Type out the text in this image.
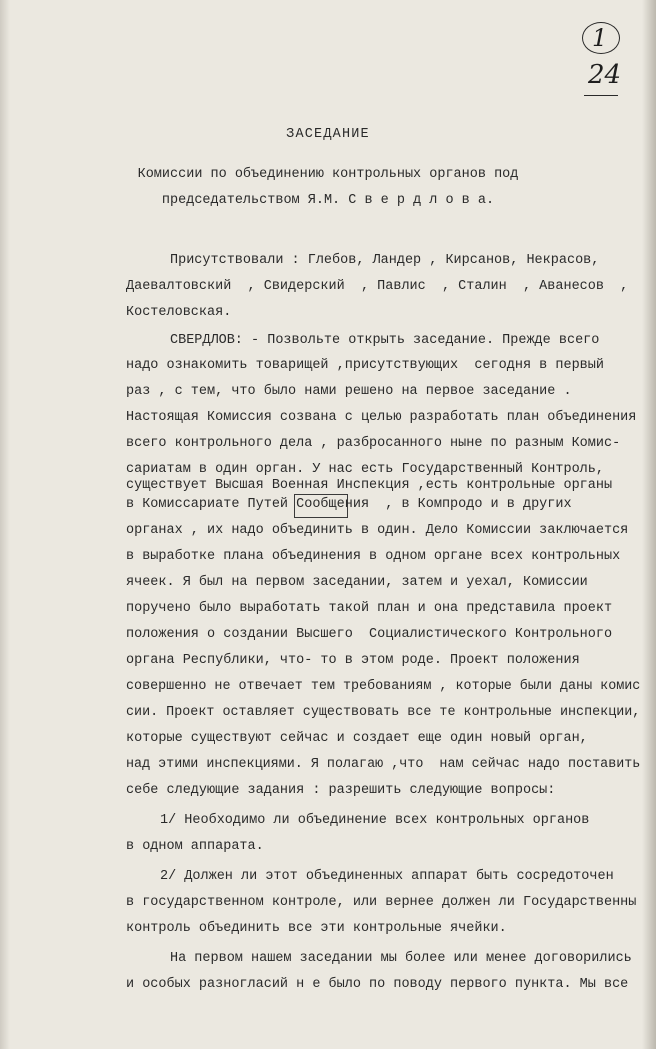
1
24
ЗАСЕДАНИЕ
Комиссии по объединению контрольных органов под
председательством Я.М. С в е р д л о в а.
Присутствовали : Глебов, Ландер , Кирсанов, Некрасов,
Даевалтовский  , Свидерский  , Павлис  , Сталин  , Аванесов  ,
Костеловская.
СВЕРДЛОВ: - Позвольте открыть заседание. Прежде всего
надо ознакомить товарищей ,присутствующих  сегодня в первый
раз , с тем, что было нами решено на первое заседание .
Настоящая Комиссия созвана с целью разработать план объединения
всего контрольного дела , разбросанного ныне по разным Комис-
сариатам в один орган. У нас есть Государственный Контроль,
существует Высшая Военная Инспекция ,есть контрольные органы
в Комиссариате Путей Сообщения  , в Компродо и в других
органах , их надо объединить в один. Дело Комиссии заключается
в выработке плана объединения в одном органе всех контрольных
ячеек. Я был на первом заседании, затем и уехал, Комиссии
поручено было выработать такой план и она представила проект
положения о создании Высшего  Социалистического Контрольного
органа Республики, что- то в этом роде. Проект положения
совершенно не отвечает тем требованиям , которые были даны комис
сии. Проект оставляет существовать все те контрольные инспекции,
которые существуют сейчас и создает еще один новый орган,
над этими инспекциями. Я полагаю ,что  нам сейчас надо поставить
себе следующие задания : разрешить следующие вопросы:
1/ Необходимо ли объединение всех контрольных органов
в одном аппарата.
2/ Должен ли этот объединенных аппарат быть сосредоточен
в государственном контроле, или вернее должен ли Государственны
контроль объединить все эти контрольные ячейки.
На первом нашем заседании мы более или менее договорились
и особых разногласий н е было по поводу первого пункта. Мы все
